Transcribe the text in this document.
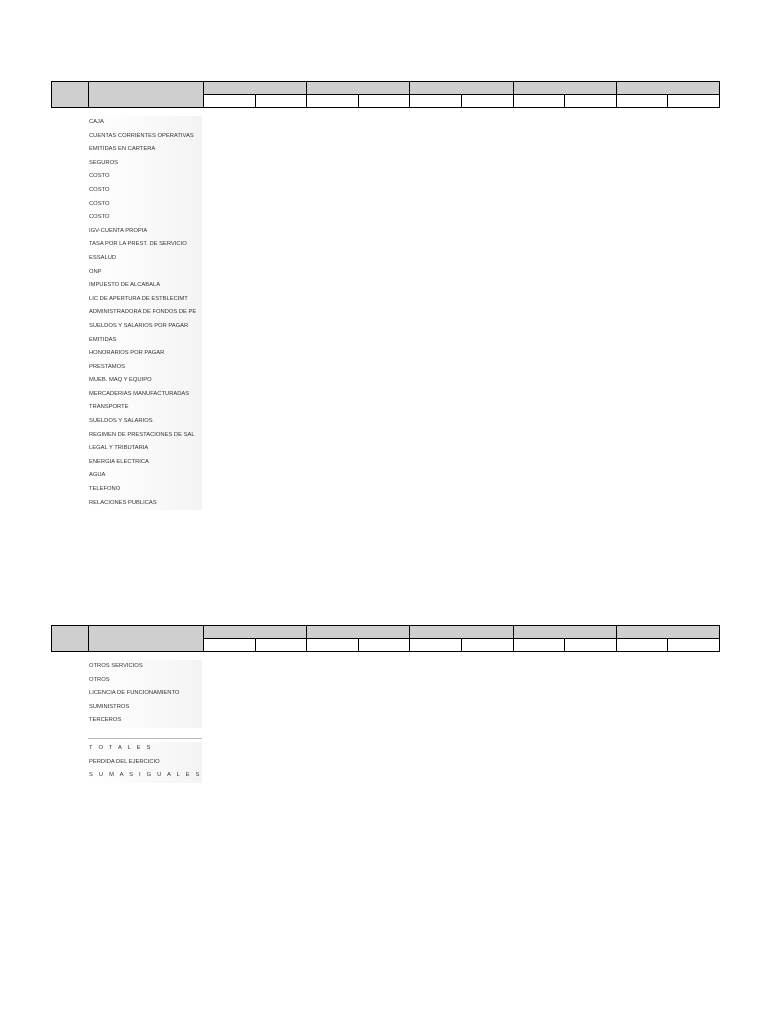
CAJA
CUENTAS CORRIENTES OPERATIVAS
EMITIDAS EN CARTERA
SEGUROS
COSTO
COSTO
COSTO
COSTO
IGV-CUENTA PROPIA
TASA POR LA PREST. DE SERVICIO
ESSALUD
ONP
IMPUESTO DE ALCABALA
LIC DE APERTURA DE ESTBLECIMT
ADMINISTRADORA DE FONDOS DE PE
SUELDOS Y SALARIOS POR PAGAR
EMITIDAS
HONORARIOS POR PAGAR
PRESTAMOS
MUEB. MAQ Y EQUIPO
MERCADERIAS MANUFACTURADAS
TRANSPORTE
SUELDOS Y SALARIOS
REGIMEN DE PRESTACIONES DE SAL
LEGAL Y TRIBUTARIA
ENERGIA ELECTRICA
AGUA
TELEFONO
RELACIONES PUBLICAS
OTROS SERVICIOS
OTROS
LICENCIA DE FUNCIONAMIENTO
SUMINISTROS
TERCEROS
T O T A L E S
PERDIDA DEL EJERCICIO
S U M A S I G U A L E S
